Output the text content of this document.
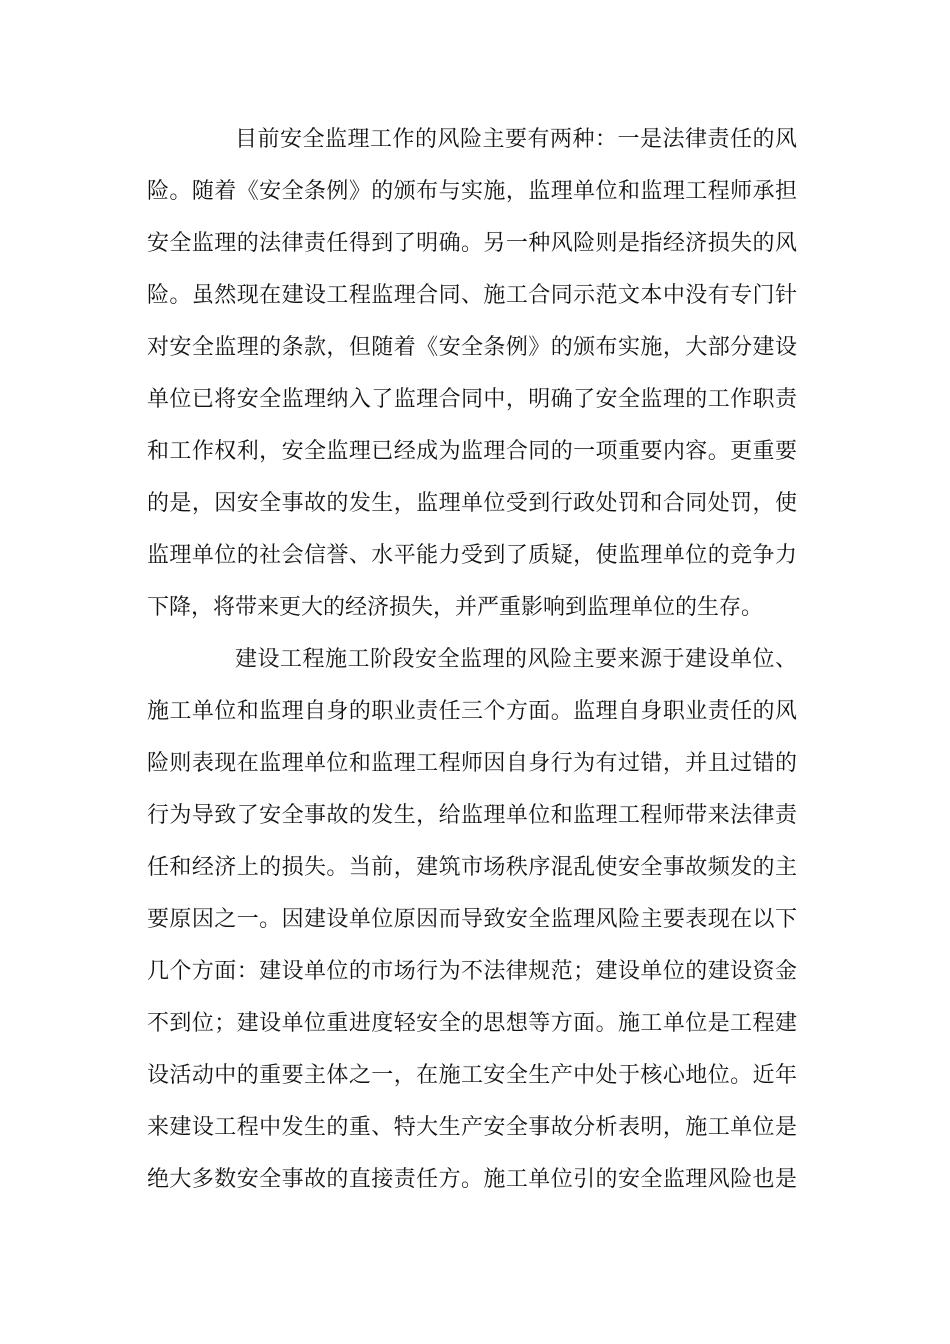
目前安全监理工作的风险主要有两种：一是法律责任的风
险。随着《安全条例》的颁布与实施，监理单位和监理工程师承担
安全监理的法律责任得到了明确。另一种风险则是指经济损失的风
险。虽然现在建设工程监理合同、施工合同示范文本中没有专门针
对安全监理的条款，但随着《安全条例》的颁布实施，大部分建设
单位已将安全监理纳入了监理合同中，明确了安全监理的工作职责
和工作权利，安全监理已经成为监理合同的一项重要内容。更重要
的是，因安全事故的发生，监理单位受到行政处罚和合同处罚，使
监理单位的社会信誉、水平能力受到了质疑，使监理单位的竞争力
下降，将带来更大的经济损失，并严重影响到监理单位的生存。
建设工程施工阶段安全监理的风险主要来源于建设单位、
施工单位和监理自身的职业责任三个方面。监理自身职业责任的风
险则表现在监理单位和监理工程师因自身行为有过错，并且过错的
行为导致了安全事故的发生，给监理单位和监理工程师带来法律责
任和经济上的损失。当前，建筑市场秩序混乱使安全事故频发的主
要原因之一。因建设单位原因而导致安全监理风险主要表现在以下
几个方面：建设单位的市场行为不法律规范；建设单位的建设资金
不到位；建设单位重进度轻安全的思想等方面。施工单位是工程建
设活动中的重要主体之一，在施工安全生产中处于核心地位。近年
来建设工程中发生的重、特大生产安全事故分析表明，施工单位是
绝大多数安全事故的直接责任方。施工单位引的安全监理风险也是
